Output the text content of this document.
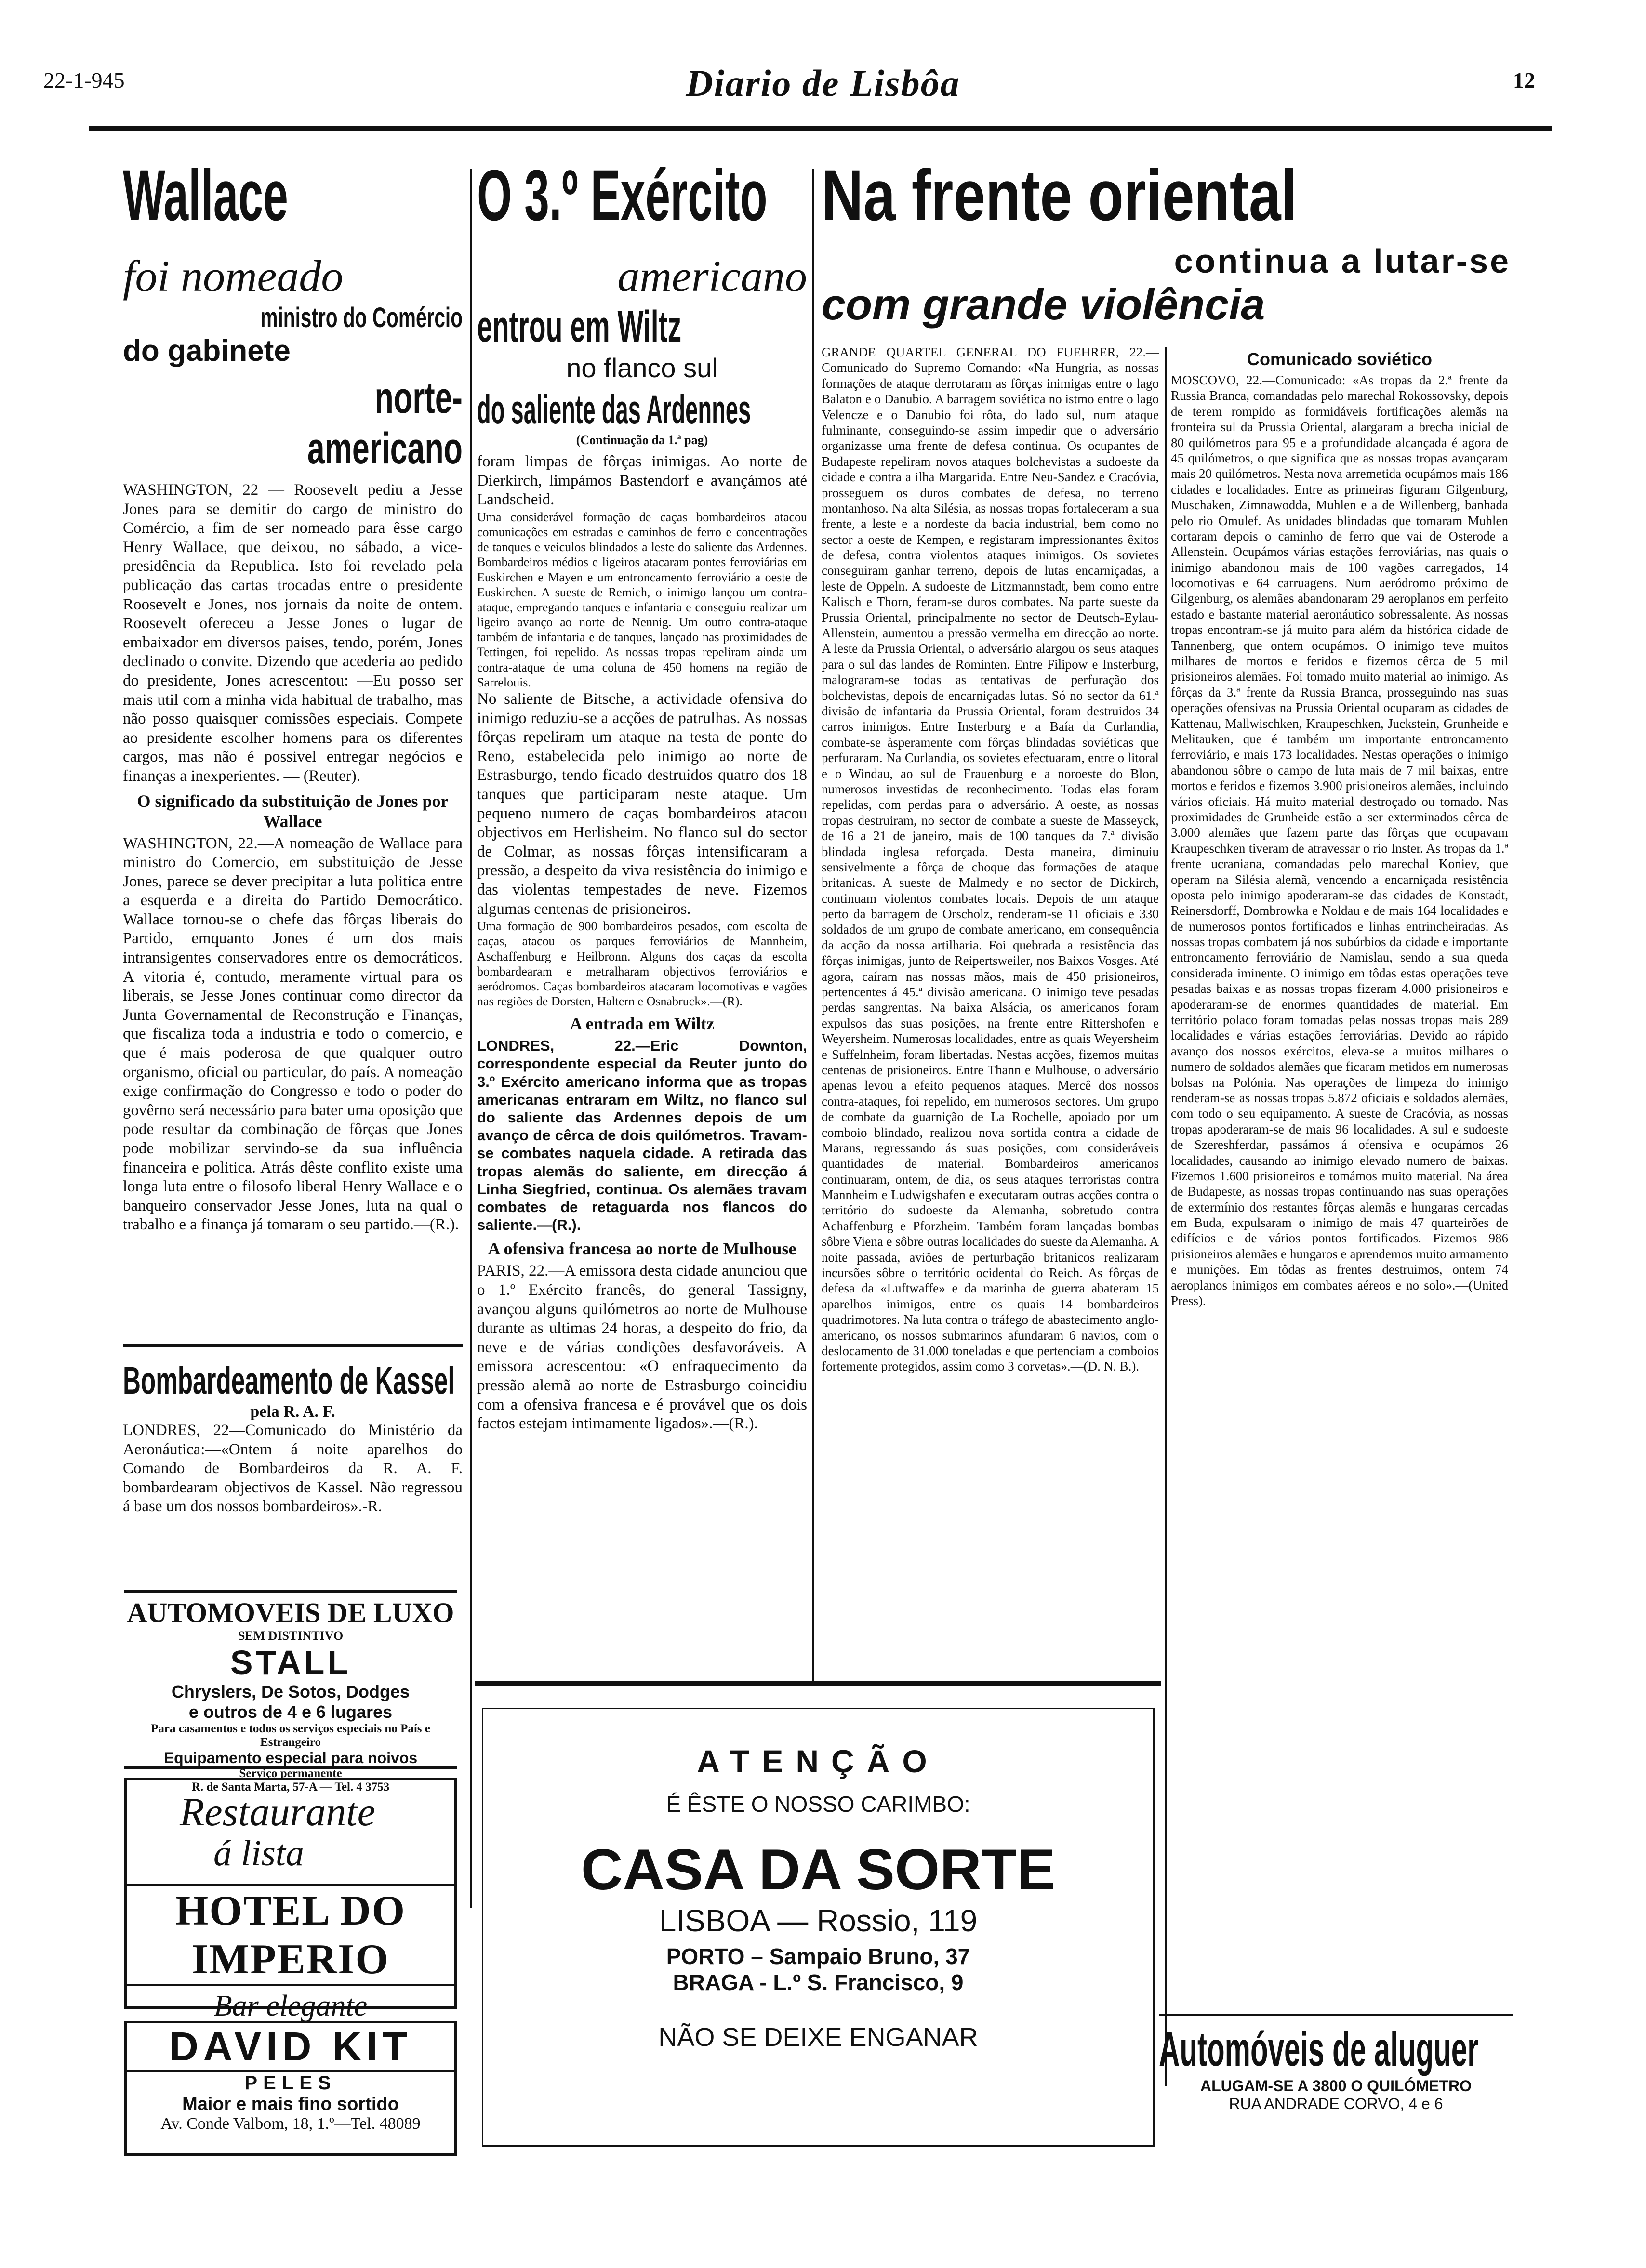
22-1-945	Diario de Lisbôa	12
Wallace
foi nomeado
ministro do Comércio
do gabinete
norte-americano
WASHINGTON, 22 — Roosevelt pediu a Jesse Jones para se demitir do cargo de ministro do Comércio, a fim de ser nomeado para êsse cargo Henry Wallace, que deixou, no sábado, a vice-presidência da Republica. Isto foi revelado pela publicação das cartas trocadas entre o presidente Roosevelt e Jones, nos jornais da noite de ontem. Roosevelt ofereceu a Jesse Jones o lugar de embaixador em diversos paises, tendo, porém, Jones declinado o convite. Dizendo que acederia ao pedido do presidente, Jones acrescentou: —Eu posso ser mais util com a minha vida habitual de trabalho, mas não posso quaisquer comissões especiais. Compete ao presidente escolher homens para os diferentes cargos, mas não é possivel entregar negócios e finanças a inexperientes. — (Reuter).
O significado da substituição de Jones por Wallace
WASHINGTON, 22.—A nomeação de Wallace para ministro do Comercio, em substituição de Jesse Jones, parece se dever precipitar a luta politica entre a esquerda e a direita do Partido Democrático. Wallace tornou-se o chefe das fôrças liberais do Partido, emquanto Jones é um dos mais intransigentes conservadores entre os democráticos. A vitoria é, contudo, meramente virtual para os liberais, se Jesse Jones continuar como director da Junta Governamental de Reconstrução e Finanças, que fiscaliza toda a industria e todo o comercio, e que é mais poderosa de que qualquer outro organismo, oficial ou particular, do país. A nomeação exige confirmação do Congresso e todo o poder do govêrno será necessário para bater uma oposição que pode resultar da combinação de fôrças que Jones pode mobilizar servindo-se da sua influência financeira e politica. Atrás dêste conflito existe uma longa luta entre o filosofo liberal Henry Wallace e o banqueiro conservador Jesse Jones, luta na qual o trabalho e a finança já tomaram o seu partido.—(R.).
Bombardeamento de Kassel
pela R. A. F.
LONDRES, 22—Comunicado do Ministério da Aeronáutica:—«Ontem á noite aparelhos do Comando de Bombardeiros da R. A. F. bombardearam objectivos de Kassel. Não regressou á base um dos nossos bombardeiros».-R.
AUTOMOVEIS DE LUXO
SEM DISTINTIVO
STALL
Chryslers, De Sotos, Dodges
e outros de 4 e 6 lugares
Para casamentos e todos os serviços especiais no País e Estrangeiro
Equipamento especial para noivos
Serviço permanente
R. de Santa Marta, 57-A — Tel. 4 3753
Restaurante
á lista
HOTEL DO IMPERIO
Bar elegante
DAVID KIT
PELES
Maior e mais fino sortido
Av. Conde Valbom, 18, 1.º—Tel. 48089
O 3.º Exército
americano
entrou em Wiltz
no flanco sul
do saliente das Ardennes
(Continuação da 1.ª pag)
foram limpas de fôrças inimigas. Ao norte de Dierkirch, limpámos Bastendorf e avançámos até Landscheid.
Uma considerável formação de caças bombardeiros atacou comunicações em estradas e caminhos de ferro e concentrações de tanques e veiculos blindados a leste do saliente das Ardennes. Bombardeiros médios e ligeiros atacaram pontes ferroviárias em Euskirchen e Mayen e um entroncamento ferroviário a oeste de Euskirchen. A sueste de Remich, o inimigo lançou um contra-ataque, empregando tanques e infantaria e conseguiu realizar um ligeiro avanço ao norte de Nennig. Um outro contra-ataque também de infantaria e de tanques, lançado nas proximidades de Tettingen, foi repelido. As nossas tropas repeliram ainda um contra-ataque de uma coluna de 450 homens na região de Sarrelouis.
No saliente de Bitsche, a actividade ofensiva do inimigo reduziu-se a acções de patrulhas. As nossas fôrças repeliram um ataque na testa de ponte do Reno, estabelecida pelo inimigo ao norte de Estrasburgo, tendo ficado destruidos quatro dos 18 tanques que participaram neste ataque. Um pequeno numero de caças bombardeiros atacou objectivos em Herlisheim. No flanco sul do sector de Colmar, as nossas fôrças intensificaram a pressão, a despeito da viva resistência do inimigo e das violentas tempestades de neve. Fizemos algumas centenas de prisioneiros.
Uma formação de 900 bombardeiros pesados, com escolta de caças, atacou os parques ferroviários de Mannheim, Aschaffenburg e Heilbronn. Alguns dos caças da escolta bombardearam e metralharam objectivos ferroviários e aeródromos. Caças bombardeiros atacaram locomotivas e vagões nas regiões de Dorsten, Haltern e Osnabruck».—(R).
A entrada em Wiltz
LONDRES, 22.—Eric Downton, correspondente especial da Reuter junto do 3.º Exército americano informa que as tropas americanas entraram em Wiltz, no flanco sul do saliente das Ardennes depois de um avanço de cêrca de dois quilómetros. Travam-se combates naquela cidade. A retirada das tropas alemãs do saliente, em direcção á Linha Siegfried, continua. Os alemães travam combates de retaguarda nos flancos do saliente.—(R.).
A ofensiva francesa ao norte de Mulhouse
PARIS, 22.—A emissora desta cidade anunciou que o 1.º Exército francês, do general Tassigny, avançou alguns quilómetros ao norte de Mulhouse durante as ultimas 24 horas, a despeito do frio, da neve e de várias condições desfavoráveis. A emissora acrescentou: «O enfraquecimento da pressão alemã ao norte de Estrasburgo coincidiu com a ofensiva francesa e é provável que os dois factos estejam intimamente ligados».—(R.).
Na frente oriental
continua a lutar-se
com grande violência
GRANDE QUARTEL GENERAL DO FUEHRER, 22.—Comunicado do Supremo Comando: «Na Hungria, as nossas formações de ataque derrotaram as fôrças inimigas entre o lago Balaton e o Danubio. A barragem soviética no istmo entre o lago Velencze e o Danubio foi rôta, do lado sul, num ataque fulminante, conseguindo-se assim impedir que o adversário organizasse uma frente de defesa continua. Os ocupantes de Budapeste repeliram novos ataques bolchevistas a sudoeste da cidade e contra a ilha Margarida. Entre Neu-Sandez e Cracóvia, prosseguem os duros combates de defesa, no terreno montanhoso. Na alta Silésia, as nossas tropas fortaleceram a sua frente, a leste e a nordeste da bacia industrial, bem como no sector a oeste de Kempen, e registaram impressionantes êxitos de defesa, contra violentos ataques inimigos. Os sovietes conseguiram ganhar terreno, depois de lutas encarniçadas, a leste de Oppeln. A sudoeste de Litzmannstadt, bem como entre Kalisch e Thorn, feram-se duros combates. Na parte sueste da Prussia Oriental, principalmente no sector de Deutsch-Eylau-Allenstein, aumentou a pressão vermelha em direcção ao norte. A leste da Prussia Oriental, o adversário alargou os seus ataques para o sul das landes de Rominten. Entre Filipow e Insterburg, malograram-se todas as tentativas de perfuração dos bolchevistas, depois de encarniçadas lutas. Só no sector da 61.ª divisão de infantaria da Prussia Oriental, foram destruidos 34 carros inimigos. Entre Insterburg e a Baía da Curlandia, combate-se àsperamente com fôrças blindadas soviéticas que perfuraram. Na Curlandia, os sovietes efectuaram, entre o litoral e o Windau, ao sul de Frauenburg e a noroeste do Blon, numerosos investidas de reconhecimento. Todas elas foram repelidas, com perdas para o adversário. A oeste, as nossas tropas destruiram, no sector de combate a sueste de Masseyck, de 16 a 21 de janeiro, mais de 100 tanques da 7.ª divisão blindada inglesa reforçada. Desta maneira, diminuiu sensivelmente a fôrça de choque das formações de ataque britanicas. A sueste de Malmedy e no sector de Dickirch, continuam violentos combates locais. Depois de um ataque perto da barragem de Orscholz, renderam-se 11 oficiais e 330 soldados de um grupo de combate americano, em consequência da acção da nossa artilharia. Foi quebrada a resistência das fôrças inimigas, junto de Reipertsweiler, nos Baixos Vosges. Até agora, caíram nas nossas mãos, mais de 450 prisioneiros, pertencentes á 45.ª divisão americana. O inimigo teve pesadas perdas sangrentas. Na baixa Alsácia, os americanos foram expulsos das suas posições, na frente entre Rittershofen e Weyersheim. Numerosas localidades, entre as quais Weyersheim e Suffelnheim, foram libertadas. Nestas acções, fizemos muitas centenas de prisioneiros. Entre Thann e Mulhouse, o adversário apenas levou a efeito pequenos ataques. Mercê dos nossos contra-ataques, foi repelido, em numerosos sectores. Um grupo de combate da guarnição de La Rochelle, apoiado por um comboio blindado, realizou nova sortida contra a cidade de Marans, regressando ás suas posições, com consideráveis quantidades de material. Bombardeiros americanos continuaram, ontem, de dia, os seus ataques terroristas contra Mannheim e Ludwigshafen e executaram outras acções contra o território do sudoeste da Alemanha, sobretudo contra Achaffenburg e Pforzheim. Também foram lançadas bombas sôbre Viena e sôbre outras localidades do sueste da Alemanha. A noite passada, aviões de perturbação britanicos realizaram incursões sôbre o território ocidental do Reich. As fôrças de defesa da «Luftwaffe» e da marinha de guerra abateram 15 aparelhos inimigos, entre os quais 14 bombardeiros quadrimotores. Na luta contra o tráfego de abastecimento anglo-americano, os nossos submarinos afundaram 6 navios, com o deslocamento de 31.000 toneladas e que pertenciam a comboios fortemente protegidos, assim como 3 corvetas».—(D. N. B.).
Comunicado soviético
MOSCOVO, 22.—Comunicado: «As tropas da 2.ª frente da Russia Branca, comandadas pelo marechal Rokossovsky, depois de terem rompido as formidáveis fortificações alemãs na fronteira sul da Prussia Oriental, alargaram a brecha inicial de 80 quilómetros para 95 e a profundidade alcançada é agora de 45 quilómetros, o que significa que as nossas tropas avançaram mais 20 quilómetros. Nesta nova arremetida ocupámos mais 186 cidades e localidades. Entre as primeiras figuram Gilgenburg, Muschaken, Zimnawodda, Muhlen e a de Willenberg, banhada pelo rio Omulef. As unidades blindadas que tomaram Muhlen cortaram depois o caminho de ferro que vai de Osterode a Allenstein. Ocupámos várias estações ferroviárias, nas quais o inimigo abandonou mais de 100 vagões carregados, 14 locomotivas e 64 carruagens. Num aeródromo próximo de Gilgenburg, os alemães abandonaram 29 aeroplanos em perfeito estado e bastante material aeronáutico sobressalente. As nossas tropas encontram-se já muito para além da histórica cidade de Tannenberg, que ontem ocupámos. O inimigo teve muitos milhares de mortos e feridos e fizemos cêrca de 5 mil prisioneiros alemães. Foi tomado muito material ao inimigo. As fôrças da 3.ª frente da Russia Branca, prosseguindo nas suas operações ofensivas na Prussia Oriental ocuparam as cidades de Kattenau, Mallwischken, Kraupeschken, Juckstein, Grunheide e Melitauken, que é também um importante entroncamento ferroviário, e mais 173 localidades. Nestas operações o inimigo abandonou sôbre o campo de luta mais de 7 mil baixas, entre mortos e feridos e fizemos 3.900 prisioneiros alemães, incluindo vários oficiais. Há muito material destroçado ou tomado. Nas proximidades de Grunheide estão a ser exterminados cêrca de 3.000 alemães que fazem parte das fôrças que ocupavam Kraupeschken tiveram de atravessar o rio Inster. As tropas da 1.ª frente ucraniana, comandadas pelo marechal Koniev, que operam na Silésia alemã, vencendo a encarniçada resistência oposta pelo inimigo apoderaram-se das cidades de Konstadt, Reinersdorff, Dombrowka e Noldau e de mais 164 localidades e de numerosos pontos fortificados e linhas entrincheiradas. As nossas tropas combatem já nos subúrbios da cidade e importante entroncamento ferroviário de Namislau, sendo a sua queda considerada iminente. O inimigo em tôdas estas operações teve pesadas baixas e as nossas tropas fizeram 4.000 prisioneiros e apoderaram-se de enormes quantidades de material. Em território polaco foram tomadas pelas nossas tropas mais 289 localidades e várias estações ferroviárias. Devido ao rápido avanço dos nossos exércitos, eleva-se a muitos milhares o numero de soldados alemães que ficaram metidos em numerosas bolsas na Polónia. Nas operações de limpeza do inimigo renderam-se as nossas tropas 5.872 oficiais e soldados alemães, com todo o seu equipamento. A sueste de Cracóvia, as nossas tropas apoderaram-se de mais 96 localidades. A sul e sudoeste de Szereshferdar, passámos á ofensiva e ocupámos 26 localidades, causando ao inimigo elevado numero de baixas. Fizemos 1.600 prisioneiros e tomámos muito material. Na área de Budapeste, as nossas tropas continuando nas suas operações de extermínio dos restantes fôrças alemãs e hungaras cercadas em Buda, expulsaram o inimigo de mais 47 quarteirões de edifícios e de vários pontos fortificados. Fizemos 986 prisioneiros alemães e hungaros e aprendemos muito armamento e munições. Em tôdas as frentes destruimos, ontem 74 aeroplanos inimigos em combates aéreos e no solo».—(United Press).
ATENÇÃO
É ÊSTE O NOSSO CARIMBO:
CASA DA SORTE
LISBOA — Rossio, 119
PORTO – Sampaio Bruno, 37
BRAGA - L.º S. Francisco, 9
NÃO SE DEIXE ENGANAR	Automóveis de aluguer
ALUGAM-SE A 3800 O QUILÓMETRO
RUA ANDRADE CORVO, 4 e 6
